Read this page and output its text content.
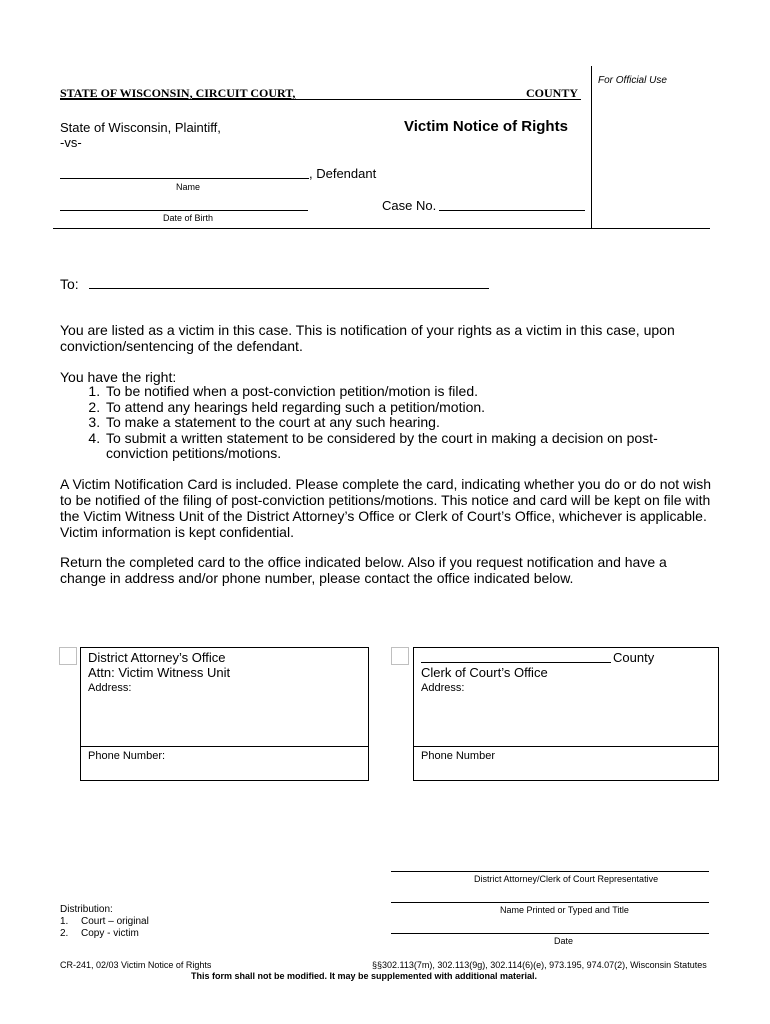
For Official Use
STATE OF WISCONSIN, CIRCUIT COURT,	COUNTY
State of Wisconsin, Plaintiff,
-vs-
Victim Notice of Rights
, Defendant
Name
Date of Birth
Case No.
To:

You are listed as a victim in this case. This is notification of your rights as a victim in this case, upon conviction/sentencing of the defendant.

You have the right:
1. To be notified when a post-conviction petition/motion is filed.
2. To attend any hearings held regarding such a petition/motion.
3. To make a statement to the court at any such hearing.
4. To submit a written statement to be considered by the court in making a decision on post-conviction petitions/motions.

A Victim Notification Card is included. Please complete the card, indicating whether you do or do not wish to be notified of the filing of post-conviction petitions/motions. This notice and card will be kept on file with the Victim Witness Unit of the District Attorney’s Office or Clerk of Court’s Office, whichever is applicable. Victim information is kept confidential.

Return the completed card to the office indicated below. Also if you request notification and have a change in address and/or phone number, please contact the office indicated below.

District Attorney’s Office
Attn: Victim Witness Unit
Address:
Phone Number:
County
Clerk of Court’s Office
Address:
Phone Number
District Attorney/Clerk of Court Representative
Name Printed or Typed and Title
Date
Distribution:
1. Court – original
2. Copy - victim
CR-241, 02/03 Victim Notice of Rights	§§302.113(7m), 302.113(9g), 302.114(6)(e), 973.195, 974.07(2), Wisconsin Statutes
This form shall not be modified. It may be supplemented with additional material.
